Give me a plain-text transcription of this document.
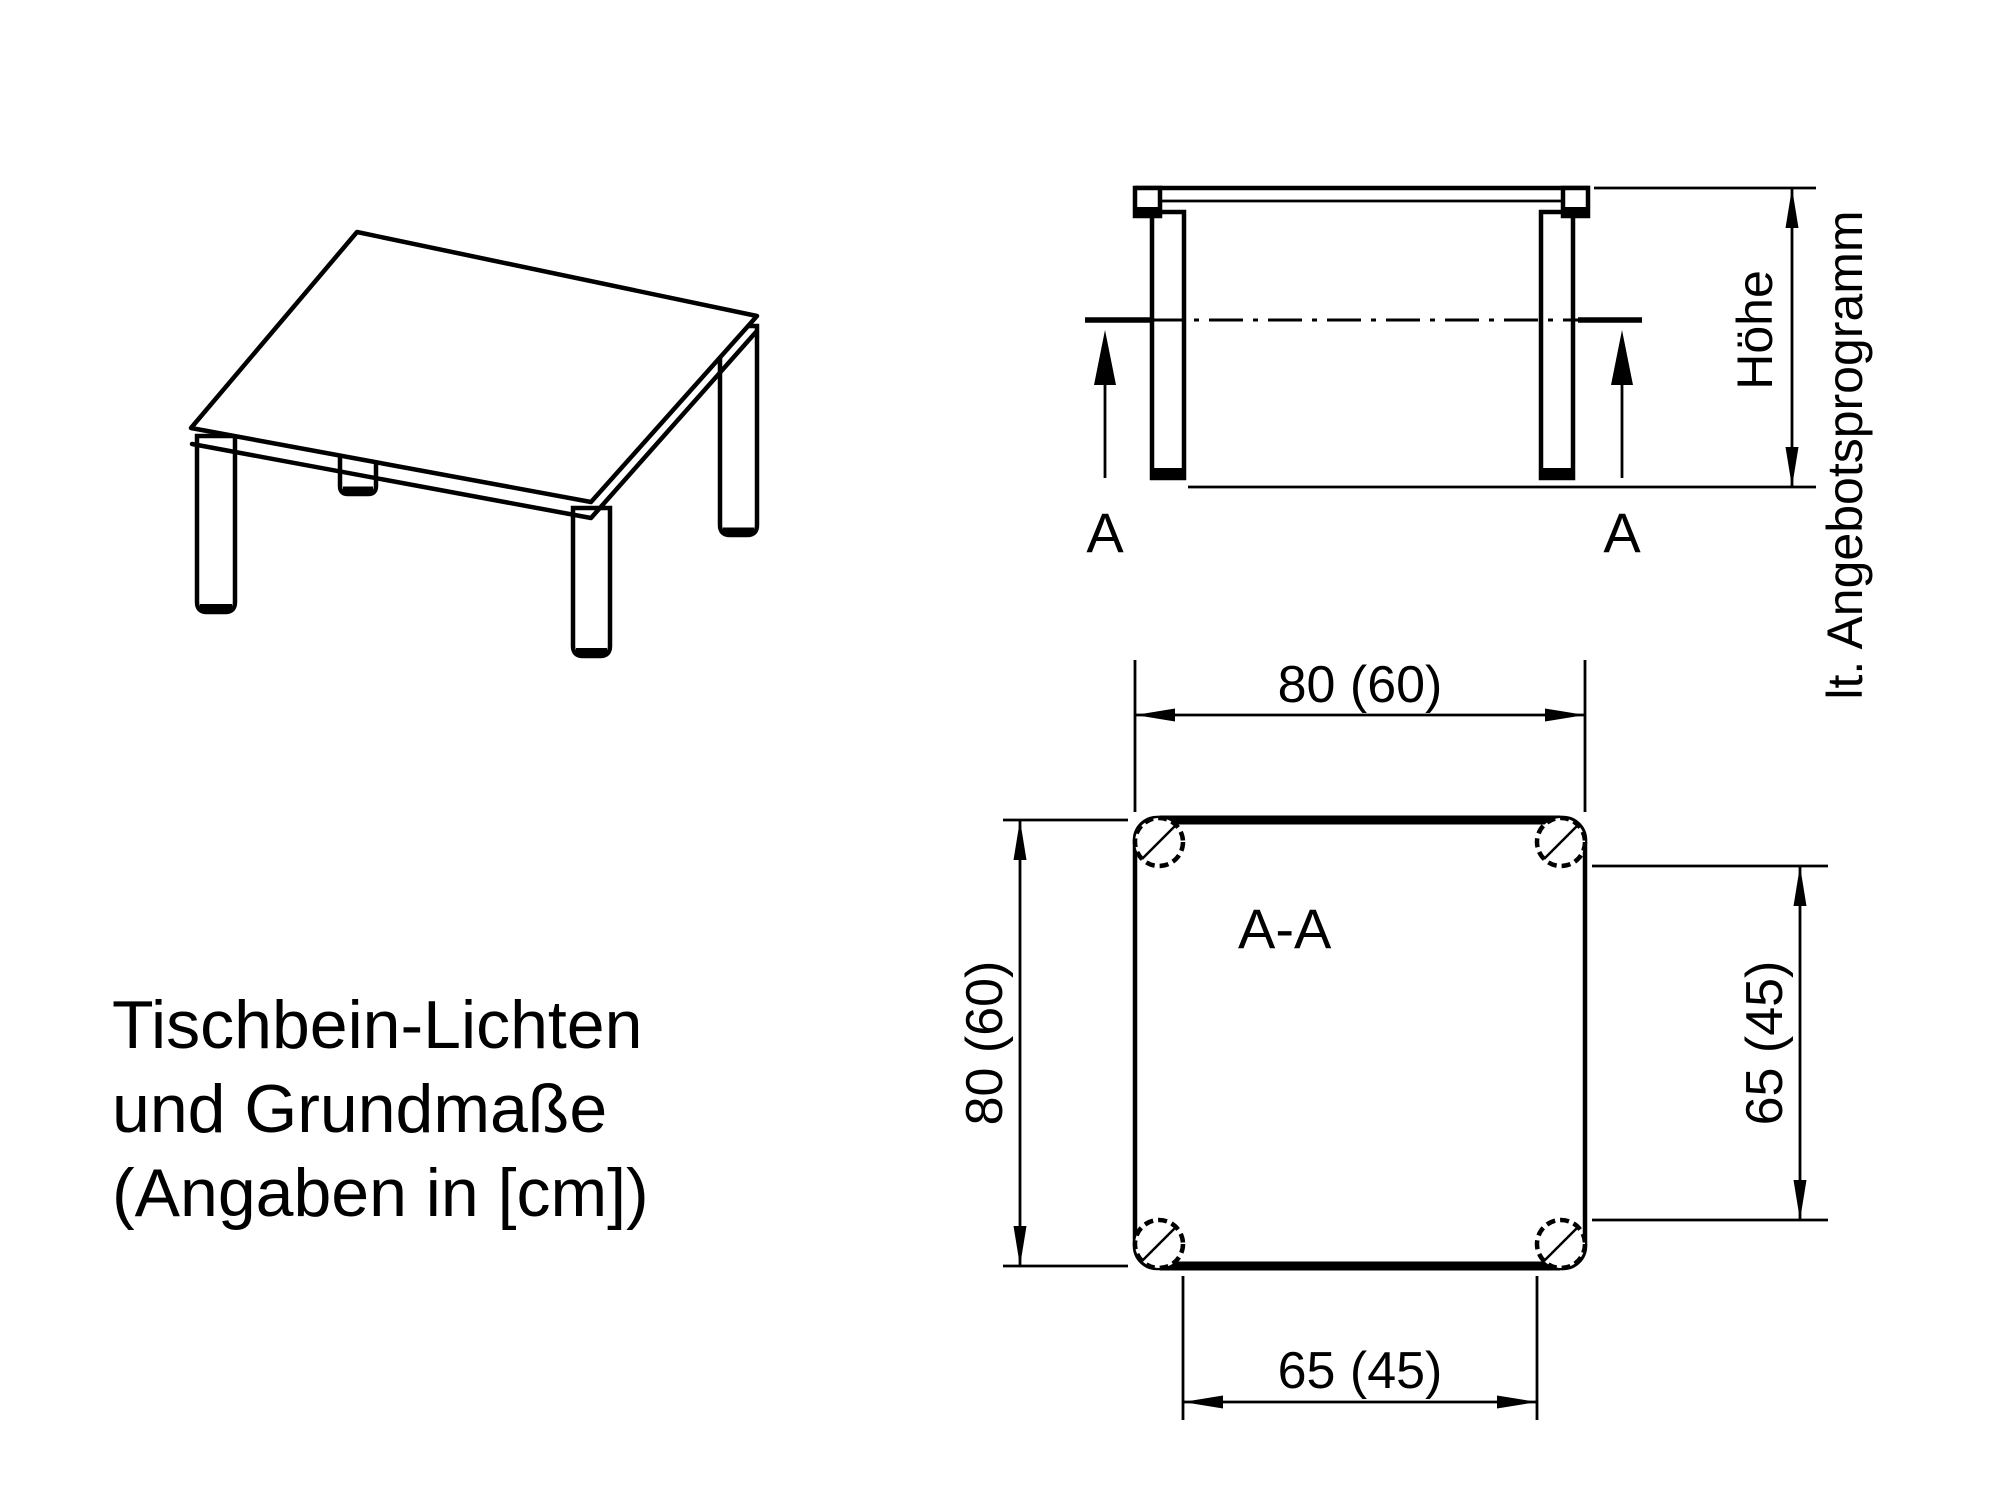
A	A
Höhe lt. Angebotsprogramm
A-A
80 (60)
80 (60)	65 (45)
65 (45)
Tischbein-Lichten
und Grundmaße
(Angaben in [cm])
